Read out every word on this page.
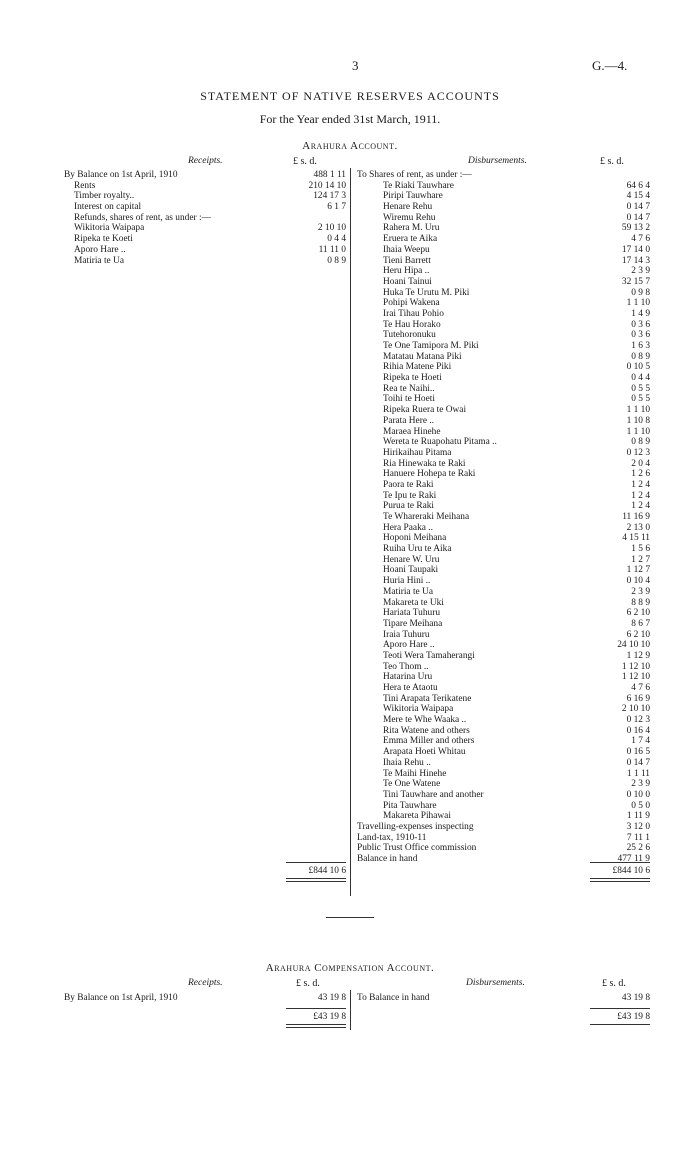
3	G.—4.
STATEMENT OF NATIVE RESERVES ACCOUNTS
For the Year ended 31st March, 1911.
Arahura Account.
Receipts.	£ s. d.	Disbursements.	£ s. d.
By Balance on 1st April, 1910	488 1 11
Rents	210 14 10
Timber royalty..	124 17 3
Interest on capital	6 1 7
Refunds, shares of rent, as under :—
Wikitoria Waipapa	2 10 10
Ripeka te Koeti	0 4 4
Aporo Hare ..	11 11 0
Matiria te Ua	0 8 9
To Shares of rent, as under :—
Te Riaki Tauwhare	64 6 4
Piripi Tauwhare	4 15 4
Henare Rehu	0 14 7
Wiremu Rehu	0 14 7
Rahera M. Uru	59 13 2
Eruera te Aika	4 7 6
Ihaia Weepu	17 14 0
Tieni Barrett	17 14 3
Heru Hipa ..	2 3 9
Hoani Tainui	32 15 7
Huka Te Urutu M. Piki	0 9 8
Pohipi Wakena	1 1 10
Irai Tihau Pohio	1 4 9
Te Hau Horako	0 3 6
Tutehoronuku	0 3 6
Te One Tamipora M. Piki	1 6 3
Matatau Matana Piki	0 8 9
Rihia Matene Piki	0 10 5
Ripeka te Hoeti	0 4 4
Rea te Naihi..	0 5 5
Toihi te Hoeti	0 5 5
Ripeka Ruera te Owai	1 1 10
Parata Here ..	1 10 8
Maraea Hinehe	1 1 10
Wereta te Ruapohatu Pitama ..	0 8 9
Hirikaihau Pitama	0 12 3
Ria Hinewaka te Raki	2 0 4
Hanuere Hohepa te Raki	1 2 6
Paora te Raki	1 2 4
Te Ipu te Raki	1 2 4
Purua te Raki	1 2 4
Te Whareraki Meihana	11 16 9
Hera Paaka ..	2 13 0
Hoponi Meihana	4 15 11
Ruiha Uru te Aika	1 5 6
Henare W. Uru	1 2 7
Hoani Taupaki	1 12 7
Huria Hini ..	0 10 4
Matiria te Ua	2 3 9
Makareta te Uki	8 8 9
Hariata Tuhuru	6 2 10
Tipare Meihana	8 6 7
Iraia Tuhuru	6 2 10
Aporo Hare ..	24 10 10
Teoti Wera Tamaherangi	1 12 9
Teo Thom ..	1 12 10
Hatarina Uru	1 12 10
Hera te Ataotu	4 7 6
Tini Arapata Terikatene	6 16 9
Wikitoria Waipapa	2 10 10
Mere te Whe Waaka ..	0 12 3
Rita Watene and others	0 16 4
Emma Miller and others	1 7 4
Arapata Hoeti Whitau	0 16 5
Ihaia Rehu ..	0 14 7
Te Maihi Hinehe	1 1 11
Te One Watene	2 3 9
Tini Tauwhare and another	0 10 0
Pita Tauwhare	0 5 0
Makareta Pihawai	1 11 9
Travelling-expenses inspecting	3 12 0
Land-tax, 1910-11	7 11 1
Public Trust Office commission	25 2 6
Balance in hand	477 11 9
£844 10 6	£844 10 6
Arahura Compensation Account.
Receipts.	£ s. d.	Disbursements.	£ s. d.
By Balance on 1st April, 1910	43 19 8 To Balance in hand	43 19 8
£43 19 8	£43 19 8
